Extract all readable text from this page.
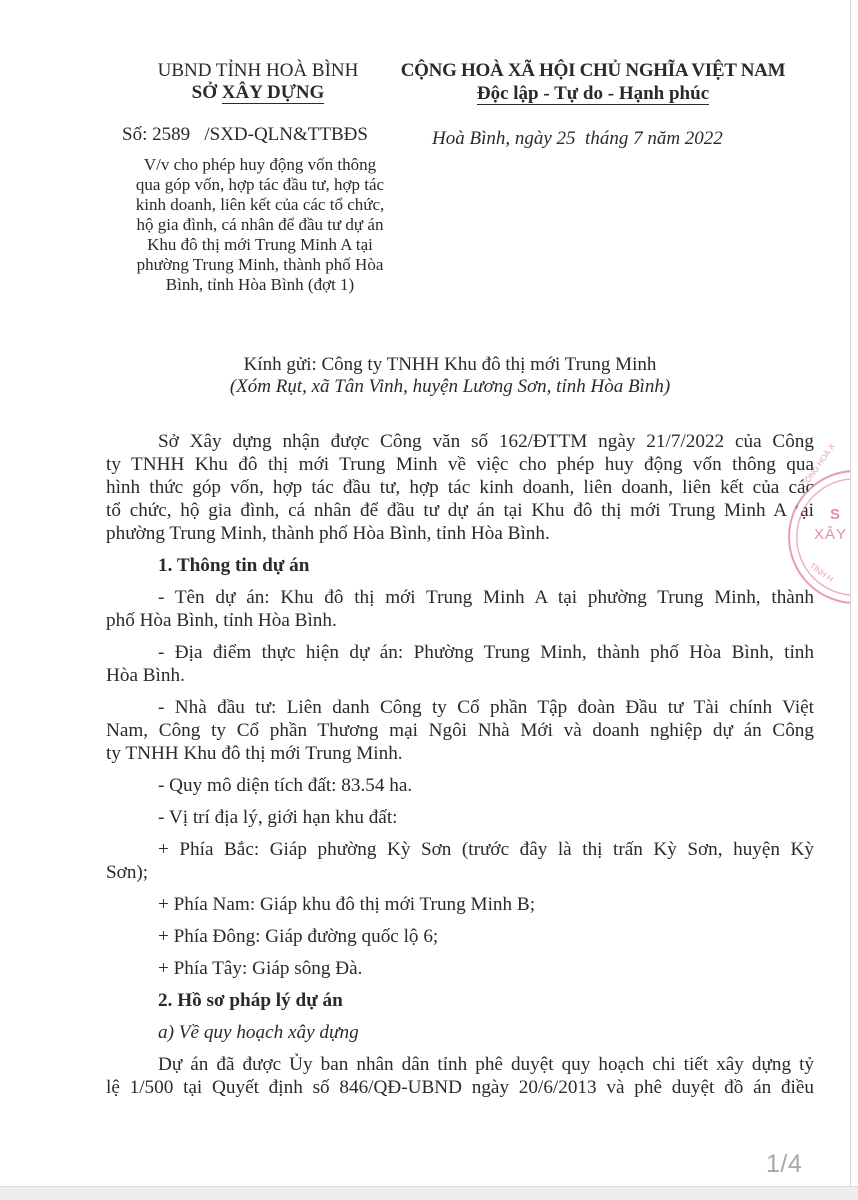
UBND TỈNH HOÀ BÌNH
SỞ XÂY DỰNG
Số: 2589   /SXD-QLN&TTBĐS
V/v cho phép huy động vốn thông
qua góp vốn, hợp tác đầu tư, hợp tác
kinh doanh, liên kết của các tổ chức,
hộ gia đình, cá nhân để đầu tư dự án
Khu đô thị mới Trung Minh A tại
phường Trung Minh, thành phố Hòa
Bình, tỉnh Hòa Bình (đợt 1)
CỘNG HOÀ XÃ HỘI CHỦ NGHĨA VIỆT NAM
Độc lập - Tự do - Hạnh phúc
Hoà Bình, ngày 25  tháng 7 năm 2022
Kính gửi: Công ty TNHH Khu đô thị mới Trung Minh
(Xóm Rụt, xã Tân Vinh, huyện Lương Sơn, tỉnh Hòa Bình)
Sở Xây dựng nhận được Công văn số 162/ĐTTM ngày 21/7/2022 của Công
ty TNHH Khu đô thị mới Trung Minh về việc cho phép huy động vốn thông qua
hình thức góp vốn, hợp tác đầu tư, hợp tác kinh doanh, liên doanh, liên kết của các
tổ chức, hộ gia đình, cá nhân để đầu tư dự án tại Khu đô thị mới Trung Minh A tại
phường Trung Minh, thành phố Hòa Bình, tỉnh Hòa Bình.
1. Thông tin dự án
- Tên dự án: Khu đô thị mới Trung Minh A tại phường Trung Minh, thành
phố Hòa Bình, tỉnh Hòa Bình.
- Địa điểm thực hiện dự án: Phường Trung Minh, thành phố Hòa Bình, tỉnh
Hòa Bình.
- Nhà đầu tư: Liên danh Công ty Cổ phần Tập đoàn Đầu tư Tài chính Việt
Nam, Công ty Cổ phần Thương mại Ngôi Nhà Mới và doanh nghiệp dự án Công
ty TNHH Khu đô thị mới Trung Minh.
- Quy mô diện tích đất: 83.54 ha.
- Vị trí địa lý, giới hạn khu đất:
+ Phía Bắc: Giáp phường Kỳ Sơn (trước đây là thị trấn Kỳ Sơn, huyện Kỳ
Sơn);
+ Phía Nam: Giáp khu đô thị mới Trung Minh B;
+ Phía Đông: Giáp đường quốc lộ 6;
+ Phía Tây: Giáp sông Đà.
2. Hồ sơ pháp lý dự án
a) Về quy hoạch xây dựng
Dự án đã được Ủy ban nhân dân tỉnh phê duyệt quy hoạch chi tiết xây dựng tỷ
lệ 1/500 tại Quyết định số 846/QĐ-UBND ngày 20/6/2013 và phê duyệt đồ án điều
CÔNG HOÀ X
S
XÂY
TỈNH H
1/4
